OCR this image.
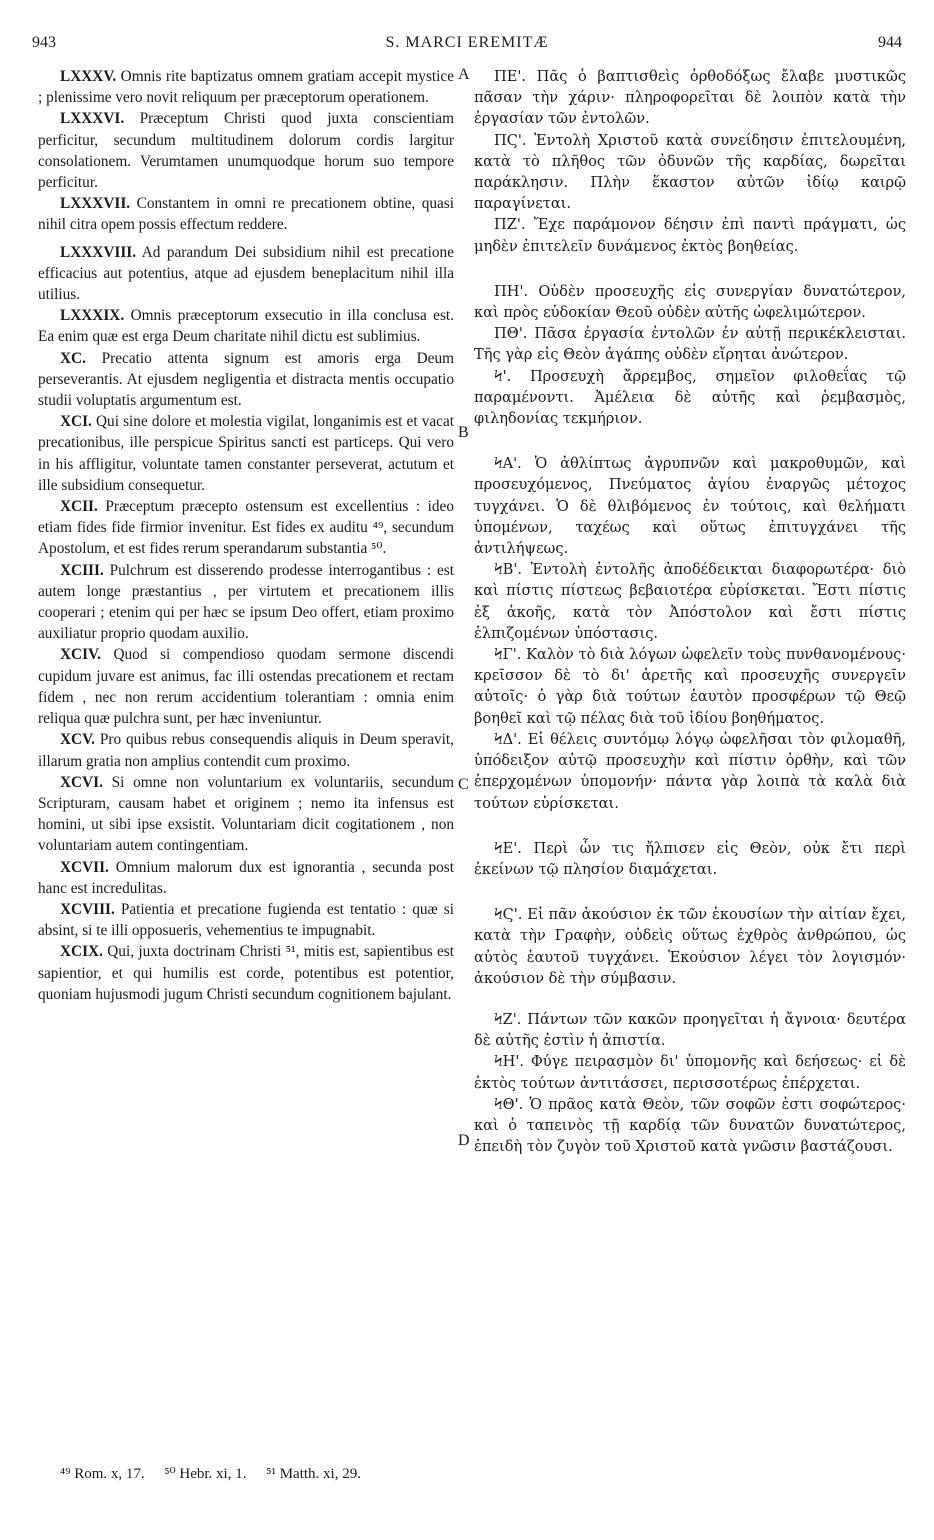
943	S. MARCI EREMITÆ	944

LXXXV. Omnis rite baptizatus omnem gratiam accepit mystice ; plenissime vero novit reliquum per præceptorum operationem.

LXXXVI. Præceptum Christi quod juxta conscientiam perficitur, secundum multitudinem dolorum cordis largitur consolationem. Verumtamen unumquodque horum suo tempore perficitur.

LXXXVII. Constantem in omni re precationem obtine, quasi nihil citra opem possis effectum reddere.

LXXXVIII. Ad parandum Dei subsidium nihil est precatione efficacius aut potentius, atque ad ejusdem beneplacitum nihil illa utilius.

LXXXIX. Omnis præceptorum exsecutio in illa conclusa est. Ea enim quæ est erga Deum charitate nihil dictu est sublimius.

XC. Precatio attenta signum est amoris erga Deum perseverantis. At ejusdem negligentia et distracta mentis occupatio studii voluptatis argumentum est.

XCI. Qui sine dolore et molestia vigilat, longanimis est et vacat precationibus, ille perspicue Spiritus sancti est particeps. Qui vero in his affligitur, voluntate tamen constanter perseverat, actutum et ille subsidium consequetur.

XCII. Præceptum præcepto ostensum est excellentius : ideo etiam fides fide firmior invenitur. Est fides ex auditu ⁴⁹, secundum Apostolum, et est fides rerum sperandarum substantia ⁵⁰.

XCIII. Pulchrum est disserendo prodesse interrogantibus : est autem longe præstantius , per virtutem et precationem illis cooperari ; etenim qui per hæc se ipsum Deo offert, etiam proximo auxiliatur proprio quodam auxilio.

XCIV. Quod si compendioso quodam sermone discendi cupidum juvare est animus, fac illi ostendas precationem et rectam fidem , nec non rerum accidentium tolerantiam : omnia enim reliqua quæ pulchra sunt, per hæc inveniuntur.

XCV. Pro quibus rebus consequendis aliquis in Deum speravit, illarum gratia non amplius contendit cum proximo.

XCVI. Si omne non voluntarium ex voluntariis, secundum Scripturam, causam habet et originem ; nemo ita infensus est homini, ut sibi ipse exsistit. Voluntariam dicit cogitationem , non voluntariam autem contingentiam.

XCVII. Omnium malorum dux est ignorantia , secunda post hanc est incredulitas.

XCVIII. Patientia et precatione fugienda est tentatio : quæ si absint, si te illi opposueris, vehementius te impugnabit.

XCIX. Qui, juxta doctrinam Christi ⁵¹, mitis est, sapientibus est sapientior, et qui humilis est corde, potentibus est potentior, quoniam hujusmodi jugum Christi secundum cognitionem bajulant.

A
B
C
D

ΠΕ'. Πᾶς ὁ βαπτισθεὶς ὀρθοδόξως ἔλαβε μυστικῶς πᾶσαν τὴν χάριν· πληροφορεῖται δὲ λοιπὸν κατὰ τὴν ἐργασίαν τῶν ἐντολῶν.

ΠϚ'. Ἐντολὴ Χριστοῦ κατὰ συνείδησιν ἐπιτελουμένη, κατὰ τὸ πλῆθος τῶν ὀδυνῶν τῆς καρδίας, δωρεῖται παράκλησιν. Πλὴν ἕκαστον αὐτῶν ἰδίῳ καιρῷ παραγίνεται.

ΠΖ'. Ἔχε παράμονον δέησιν ἐπὶ παντὶ πράγματι, ὡς μηδὲν ἐπιτελεῖν δυνάμενος ἐκτὸς βοηθείας.

ΠΗ'. Οὐδὲν προσευχῆς εἰς συνεργίαν δυνατώτερον, καὶ πρὸς εὐδοκίαν Θεοῦ οὐδὲν αὐτῆς ὠφελιμώτερον.

ΠΘ'. Πᾶσα ἐργασία ἐντολῶν ἐν αὐτῇ περικέκλεισται. Τῆς γὰρ εἰς Θεὸν ἀγάπης οὐδὲν εἴρηται ἀνώτερον.

Ϟ'. Προσευχὴ ἄρρεμβος, σημεῖον φιλοθεΐας τῷ παραμένοντι. Ἀμέλεια δὲ αὐτῆς καὶ ῥεμβασμὸς, φιληδονίας τεκμήριον.

ϞΑ'. Ὁ ἀθλίπτως ἀγρυπνῶν καὶ μακροθυμῶν, καὶ προσευχόμενος, Πνεύματος ἁγίου ἐναργῶς μέτοχος τυγχάνει. Ὁ δὲ θλιβόμενος ἐν τούτοις, καὶ θελήματι ὑπομένων, ταχέως καὶ οὕτως ἐπιτυγχάνει τῆς ἀντιλήψεως.

ϞΒ'. Ἐντολὴ ἐντολῆς ἀποδέδεικται διαφορωτέρα· διὸ καὶ πίστις πίστεως βεβαιοτέρα εὑρίσκεται. Ἔστι πίστις ἐξ ἀκοῆς, κατὰ τὸν Ἀπόστολον καὶ ἔστι πίστις ἐλπιζομένων ὑπόστασις.

ϞΓ'. Καλὸν τὸ διὰ λόγων ὠφελεῖν τοὺς πυνθανομένους· κρεῖσσον δὲ τὸ δι' ἀρετῆς καὶ προσευχῆς συνεργεῖν αὐτοῖς· ὁ γὰρ διὰ τούτων ἑαυτὸν προσφέρων τῷ Θεῷ βοηθεῖ καὶ τῷ πέλας διὰ τοῦ ἰδίου βοηθήματος.

ϞΔ'. Εἰ θέλεις συντόμῳ λόγῳ ὠφελῆσαι τὸν φιλομαθῆ, ὑπόδειξον αὐτῷ προσευχὴν καὶ πίστιν ὀρθὴν, καὶ τῶν ἐπερχομένων ὑπομονήν· πάντα γὰρ λοιπὰ τὰ καλὰ διὰ τούτων εὑρίσκεται.

ϞΕ'. Περὶ ὧν τις ἤλπισεν εἰς Θεὸν, οὐκ ἔτι περὶ ἐκείνων τῷ πλησίον διαμάχεται.

ϞϚ'. Εἰ πᾶν ἀκούσιον ἐκ τῶν ἑκουσίων τὴν αἰτίαν ἔχει, κατὰ τὴν Γραφὴν, οὐδεὶς οὕτως ἐχθρὸς ἀνθρώπου, ὡς αὐτὸς ἑαυτοῦ τυγχάνει. Ἑκούσιον λέγει τὸν λογισμόν· ἀκούσιον δὲ τὴν σύμβασιν.

ϞΖ'. Πάντων τῶν κακῶν προηγεῖται ἡ ἄγνοια· δευτέρα δὲ αὐτῆς ἐστὶν ἡ ἀπιστία.

ϞΗ'. Φύγε πειρασμὸν δι' ὑπομονῆς καὶ δεήσεως· εἰ δὲ ἐκτὸς τούτων ἀντιτάσσει, περισσοτέρως ἐπέρχεται.

ϞΘ'. Ὁ πρᾶος κατὰ Θεὸν, τῶν σοφῶν ἐστι σοφώτερος· καὶ ὁ ταπεινὸς τῇ καρδίᾳ τῶν δυνατῶν δυνατώτερος, ἐπειδὴ τὸν ζυγὸν τοῦ Χριστοῦ κατὰ γνῶσιν βαστάζουσι.

⁴⁹ Rom. x, 17. ⁵⁰ Hebr. xi, 1. ⁵¹ Matth. xi, 29.
